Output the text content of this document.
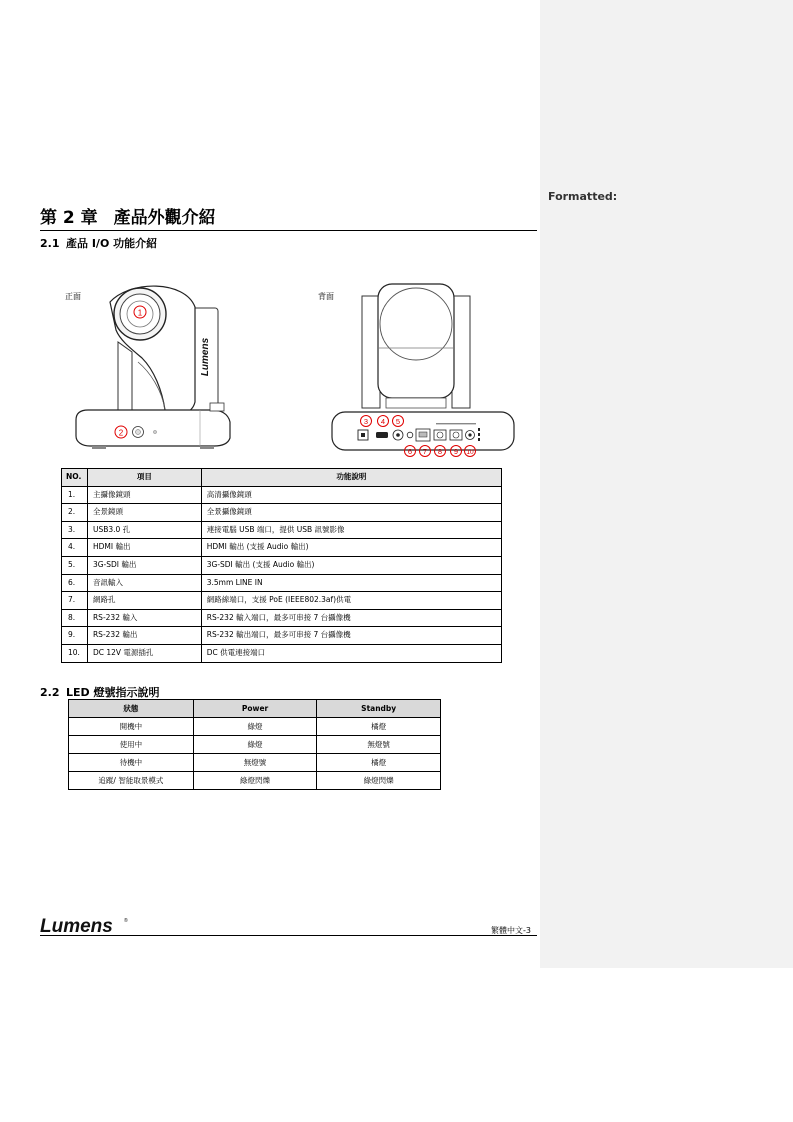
Formatted:
第 2 章 產品外觀介紹
2.1 產品 I/O 功能介紹
正面	背面
Lumens
1
2
3 4 5
6 7 8 9 10
NO.	項目	功能說明
1.	主攝像鏡頭	高清攝像鏡頭
2.	全景鏡頭	全景攝像鏡頭
3.	USB3.0 孔	連接電腦 USB 端口，提供 USB 訊號影像
4.	HDMI 輸出	HDMI 輸出 (支援 Audio 輸出)
5.	3G-SDI 輸出	3G-SDI 輸出 (支援 Audio 輸出)
6.	音訊輸入	3.5mm LINE IN
7.	網路孔	網路線端口，支援 PoE (IEEE802.3af)供電
8.	RS-232 輸入	RS-232 輸入端口，最多可串接 7 台攝像機
9.	RS-232 輸出	RS-232 輸出端口，最多可串接 7 台攝像機
10.	DC 12V 電源插孔	DC 供電連接端口
2.2 LED 燈號指示說明
狀態	Power	Standby
開機中	綠燈	橘燈
使用中	綠燈	無燈號
待機中	無燈號	橘燈
追蹤/ 智能取景模式	綠燈閃爍	綠燈閃爍
Lumens ®
繁體中文-3
